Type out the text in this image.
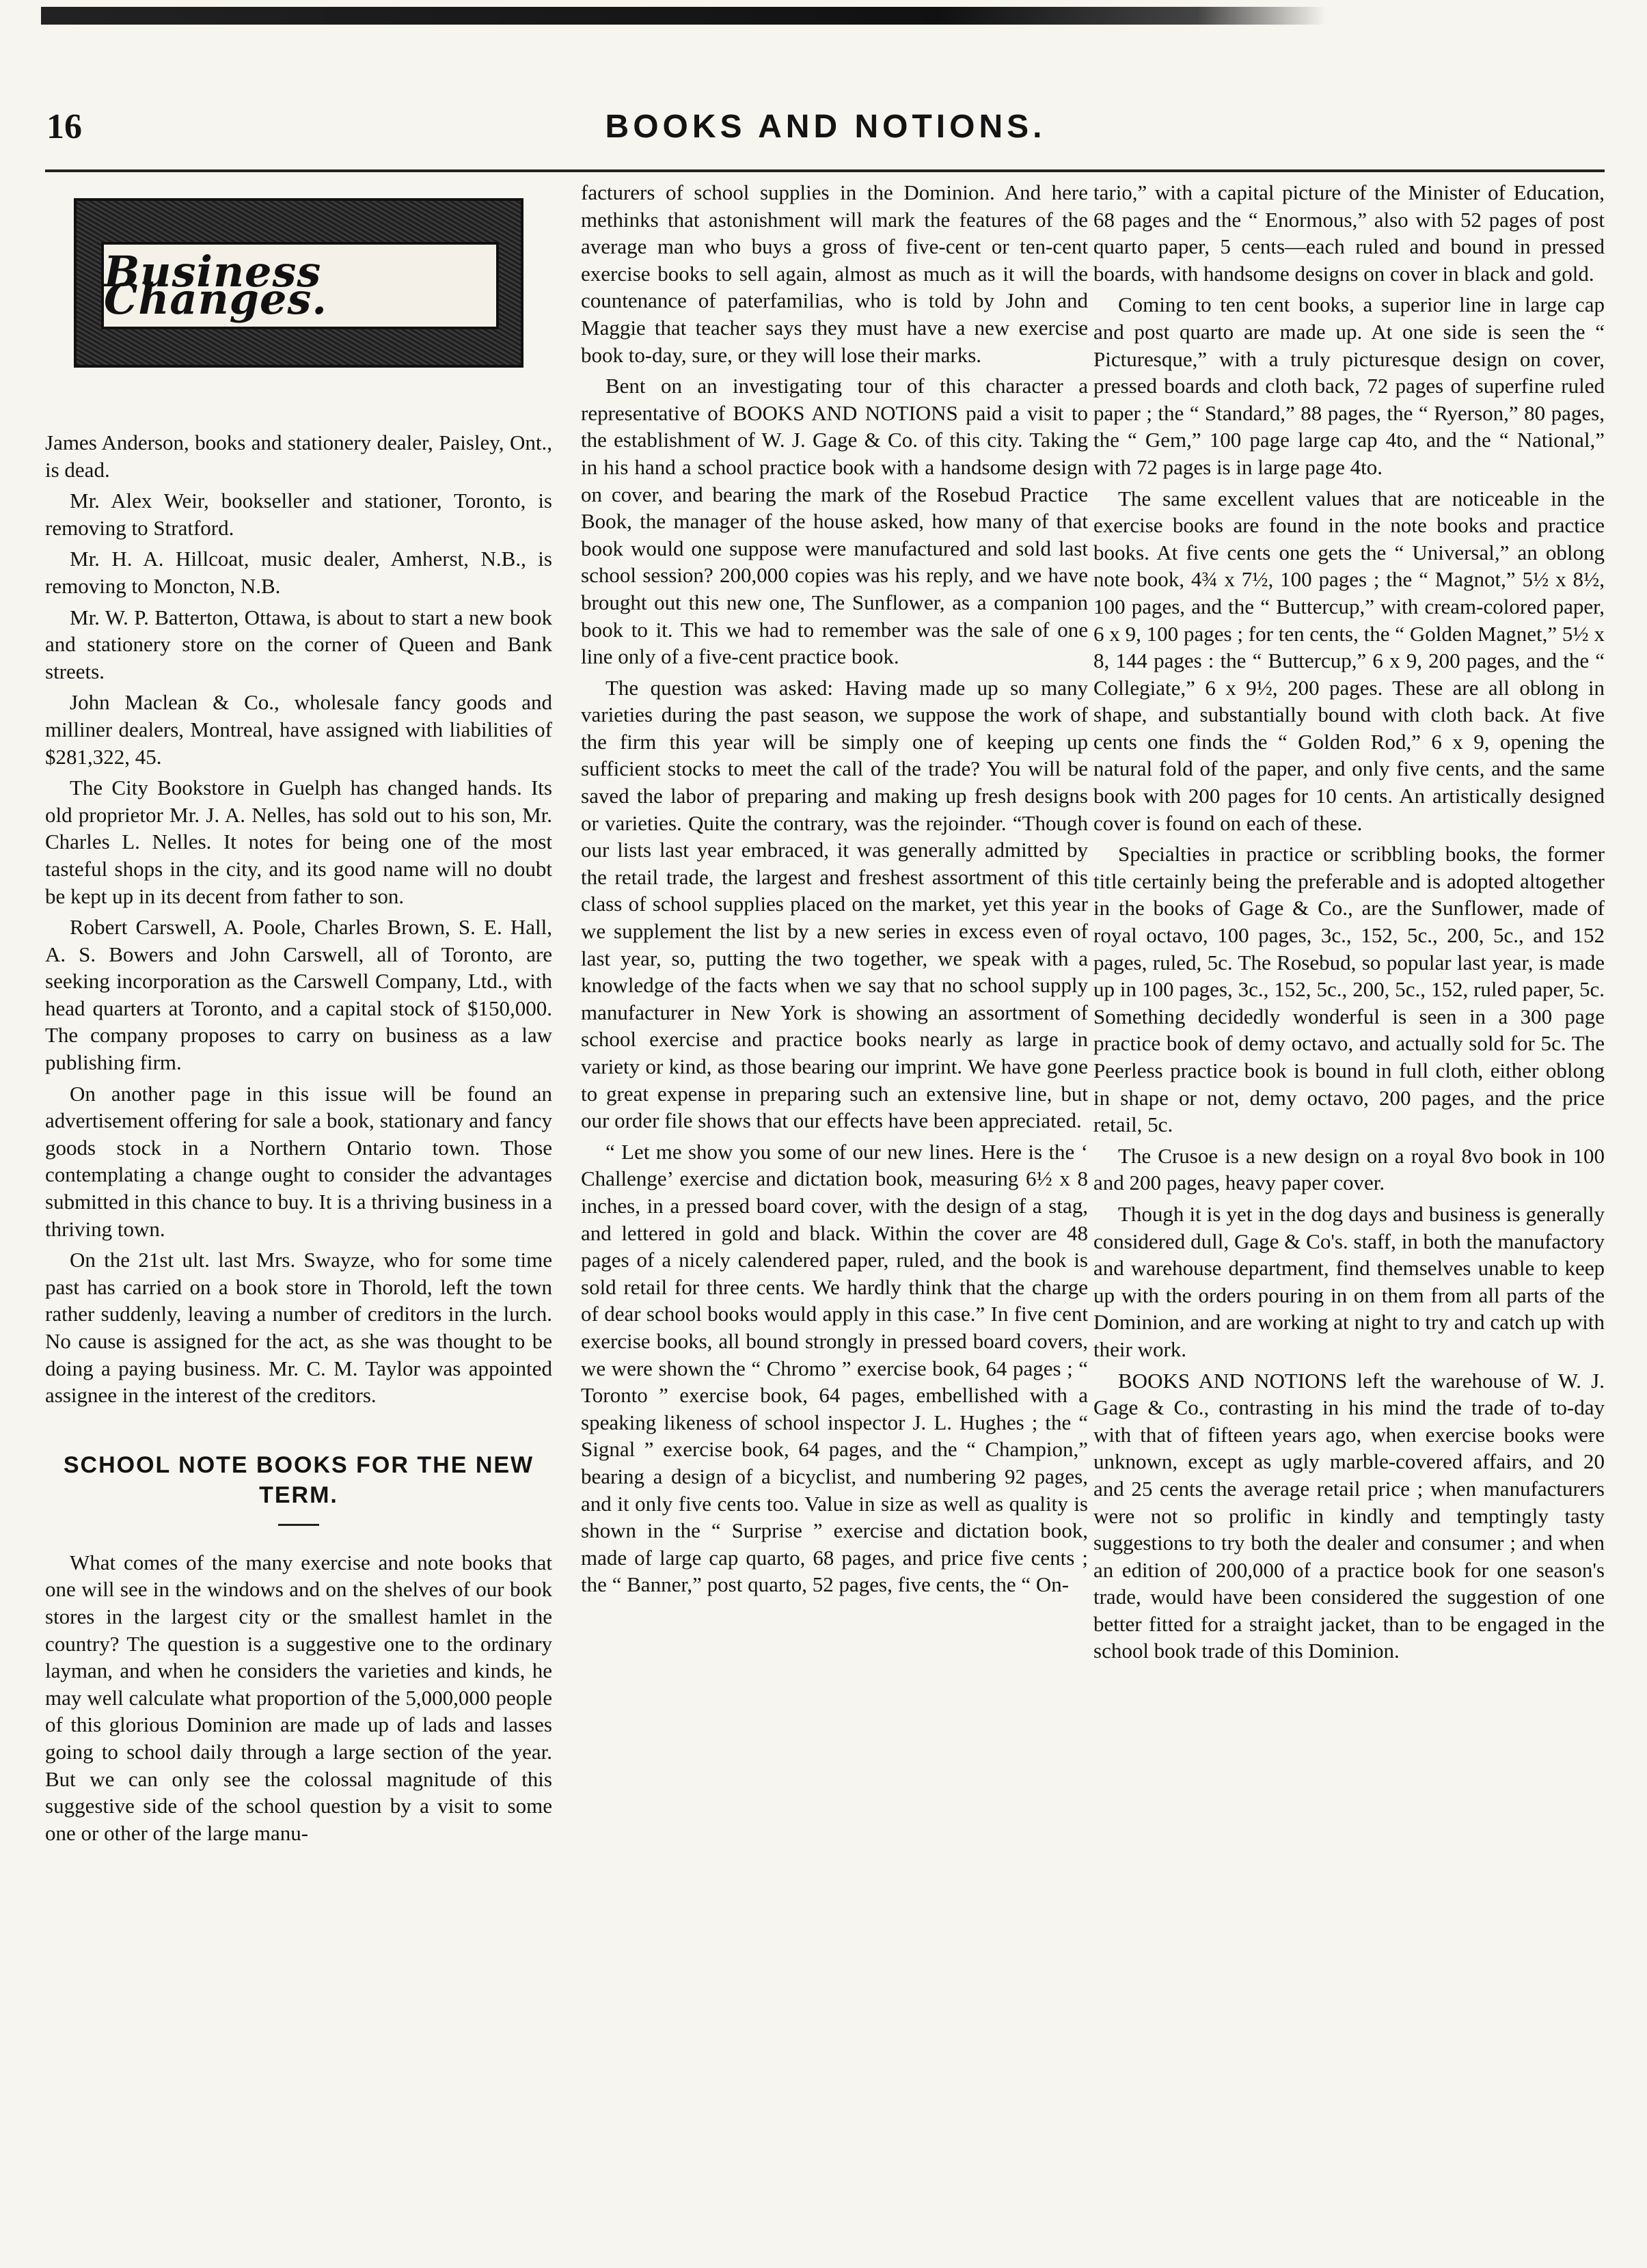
16	BOOKS AND NOTIONS.
Business Changes.

James Anderson, books and stationery dealer, Paisley, Ont., is dead.

Mr. Alex Weir, bookseller and stationer, Toronto, is removing to Stratford.

Mr. H. A. Hillcoat, music dealer, Amherst, N.B., is removing to Moncton, N.B.

Mr. W. P. Batterton, Ottawa, is about to start a new book and stationery store on the corner of Queen and Bank streets.

John Maclean & Co., wholesale fancy goods and milliner dealers, Montreal, have assigned with liabilities of $281,322, 45.

The City Bookstore in Guelph has changed hands. Its old proprietor Mr. J. A. Nelles, has sold out to his son, Mr. Charles L. Nelles. It notes for being one of the most tasteful shops in the city, and its good name will no doubt be kept up in its decent from father to son.

Robert Carswell, A. Poole, Charles Brown, S. E. Hall, A. S. Bowers and John Carswell, all of Toronto, are seeking incorporation as the Carswell Company, Ltd., with head quarters at Toronto, and a capital stock of $150,000. The company proposes to carry on business as a law publishing firm.

On another page in this issue will be found an advertisement offering for sale a book, stationary and fancy goods stock in a Northern Ontario town. Those contemplating a change ought to consider the advantages submitted in this chance to buy. It is a thriving business in a thriving town.

On the 21st ult. last Mrs. Swayze, who for some time past has carried on a book store in Thorold, left the town rather suddenly, leaving a number of creditors in the lurch. No cause is assigned for the act, as she was thought to be doing a paying business. Mr. C. M. Taylor was appointed assignee in the interest of the creditors.

SCHOOL NOTE BOOKS FOR THE NEW TERM.

What comes of the many exercise and note books that one will see in the windows and on the shelves of our book stores in the largest city or the smallest hamlet in the country? The question is a suggestive one to the ordinary layman, and when he considers the varieties and kinds, he may well calculate what proportion of the 5,000,000 people of this glorious Dominion are made up of lads and lasses going to school daily through a large section of the year. But we can only see the colossal magnitude of this suggestive side of the school question by a visit to some one or other of the large manu-

facturers of school supplies in the Dominion. And here methinks that astonishment will mark the features of the average man who buys a gross of five-cent or ten-cent exercise books to sell again, almost as much as it will the countenance of paterfamilias, who is told by John and Maggie that teacher says they must have a new exercise book to-day, sure, or they will lose their marks.

Bent on an investigating tour of this character a representative of BOOKS AND NOTIONS paid a visit to the establishment of W. J. Gage & Co. of this city. Taking in his hand a school practice book with a handsome design on cover, and bearing the mark of the Rosebud Practice Book, the manager of the house asked, how many of that book would one suppose were manufactured and sold last school session? 200,000 copies was his reply, and we have brought out this new one, The Sunflower, as a companion book to it. This we had to remember was the sale of one line only of a five-cent practice book.

The question was asked: Having made up so many varieties during the past season, we suppose the work of the firm this year will be simply one of keeping up sufficient stocks to meet the call of the trade? You will be saved the labor of preparing and making up fresh designs or varieties. Quite the contrary, was the rejoinder. “Though our lists last year embraced, it was generally admitted by the retail trade, the largest and freshest assortment of this class of school supplies placed on the market, yet this year we supplement the list by a new series in excess even of last year, so, putting the two together, we speak with a knowledge of the facts when we say that no school supply manufacturer in New York is showing an assortment of school exercise and practice books nearly as large in variety or kind, as those bearing our imprint. We have gone to great expense in preparing such an extensive line, but our order file shows that our effects have been appreciated.

“ Let me show you some of our new lines. Here is the ‘ Challenge’ exercise and dictation book, measuring 6½ x 8 inches, in a pressed board cover, with the design of a stag, and lettered in gold and black. Within the cover are 48 pages of a nicely calendered paper, ruled, and the book is sold retail for three cents. We hardly think that the charge of dear school books would apply in this case.” In five cent exercise books, all bound strongly in pressed board covers, we were shown the “ Chromo ” exercise book, 64 pages ; “ Toronto ” exercise book, 64 pages, embellished with a speaking likeness of school inspector J. L. Hughes ; the “ Signal ” exercise book, 64 pages, and the “ Champion,” bearing a design of a bicyclist, and numbering 92 pages, and it only five cents too. Value in size as well as quality is shown in the “ Surprise ” exercise and dictation book, made of large cap quarto, 68 pages, and price five cents ; the “ Banner,” post quarto, 52 pages, five cents, the “ On-

tario,” with a capital picture of the Minister of Education, 68 pages and the “ Enormous,” also with 52 pages of post quarto paper, 5 cents—each ruled and bound in pressed boards, with handsome designs on cover in black and gold.

Coming to ten cent books, a superior line in large cap and post quarto are made up. At one side is seen the “ Picturesque,” with a truly picturesque design on cover, pressed boards and cloth back, 72 pages of superfine ruled paper ; the “ Standard,” 88 pages, the “ Ryerson,” 80 pages, the “ Gem,” 100 page large cap 4to, and the “ National,” with 72 pages is in large page 4to.

The same excellent values that are noticeable in the exercise books are found in the note books and practice books. At five cents one gets the “ Universal,” an oblong note book, 4¾ x 7½, 100 pages ; the “ Magnot,” 5½ x 8½, 100 pages, and the “ Buttercup,” with cream-colored paper, 6 x 9, 100 pages ; for ten cents, the “ Golden Magnet,” 5½ x 8, 144 pages : the “ Buttercup,” 6 x 9, 200 pages, and the “ Collegiate,” 6 x 9½, 200 pages. These are all oblong in shape, and substantially bound with cloth back. At five cents one finds the “ Golden Rod,” 6 x 9, opening the natural fold of the paper, and only five cents, and the same book with 200 pages for 10 cents. An artistically designed cover is found on each of these.

Specialties in practice or scribbling books, the former title certainly being the preferable and is adopted altogether in the books of Gage & Co., are the Sunflower, made of royal octavo, 100 pages, 3c., 152, 5c., 200, 5c., and 152 pages, ruled, 5c. The Rosebud, so popular last year, is made up in 100 pages, 3c., 152, 5c., 200, 5c., 152, ruled paper, 5c. Something decidedly wonderful is seen in a 300 page practice book of demy octavo, and actually sold for 5c. The Peerless practice book is bound in full cloth, either oblong in shape or not, demy octavo, 200 pages, and the price retail, 5c.

The Crusoe is a new design on a royal 8vo book in 100 and 200 pages, heavy paper cover.

Though it is yet in the dog days and business is generally considered dull, Gage & Co's. staff, in both the manufactory and warehouse department, find themselves unable to keep up with the orders pouring in on them from all parts of the Dominion, and are working at night to try and catch up with their work.

BOOKS AND NOTIONS left the warehouse of W. J. Gage & Co., contrasting in his mind the trade of to-day with that of fifteen years ago, when exercise books were unknown, except as ugly marble-covered affairs, and 20 and 25 cents the average retail price ; when manufacturers were not so prolific in kindly and temptingly tasty suggestions to try both the dealer and consumer ; and when an edition of 200,000 of a practice book for one season's trade, would have been considered the suggestion of one better fitted for a straight jacket, than to be engaged in the school book trade of this Dominion.
